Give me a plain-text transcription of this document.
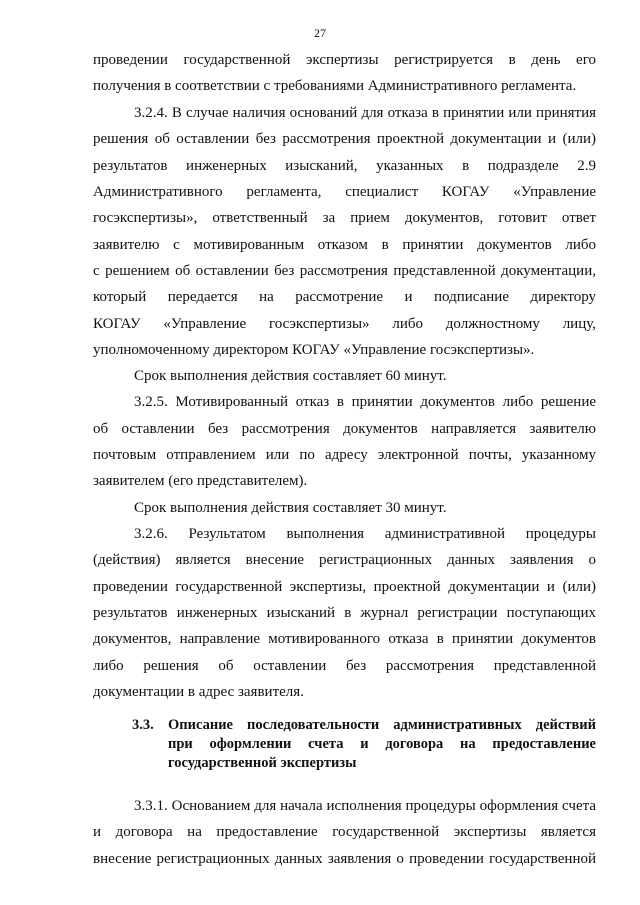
27
проведении государственной экспертизы регистрируется в день его
получения в соответствии с требованиями Административного регламента.
3.2.4. В случае наличия оснований для отказа в принятии или принятия
решения об оставлении без рассмотрения проектной документации и (или)
результатов инженерных изысканий, указанных в подразделе 2.9
Административного регламента, специалист КОГАУ «Управление
госэкспертизы», ответственный за прием документов, готовит ответ
заявителю с мотивированным отказом в принятии документов либо
с решением об оставлении без рассмотрения представленной документации,
который передается на рассмотрение и подписание директору
КОГАУ «Управление госэкспертизы» либо должностному лицу,
уполномоченному директором КОГАУ «Управление госэкспертизы».
Срок выполнения действия составляет 60 минут.
3.2.5. Мотивированный отказ в принятии документов либо решение
об оставлении без рассмотрения документов направляется заявителю
почтовым отправлением или по адресу электронной почты, указанному
заявителем (его представителем).
Срок выполнения действия составляет 30 минут.
3.2.6. Результатом выполнения административной процедуры
(действия) является внесение регистрационных данных заявления о
проведении государственной экспертизы, проектной документации и (или)
результатов инженерных изысканий в журнал регистрации поступающих
документов, направление мотивированного отказа в принятии документов
либо решения об оставлении без рассмотрения представленной
документации в адрес заявителя.
3.3. Описание последовательности административных действий
при оформлении счета и договора на предоставление
государственной экспертизы
3.3.1. Основанием для начала исполнения процедуры оформления счета
и договора на предоставление государственной экспертизы является
внесение регистрационных данных заявления о проведении государственной
